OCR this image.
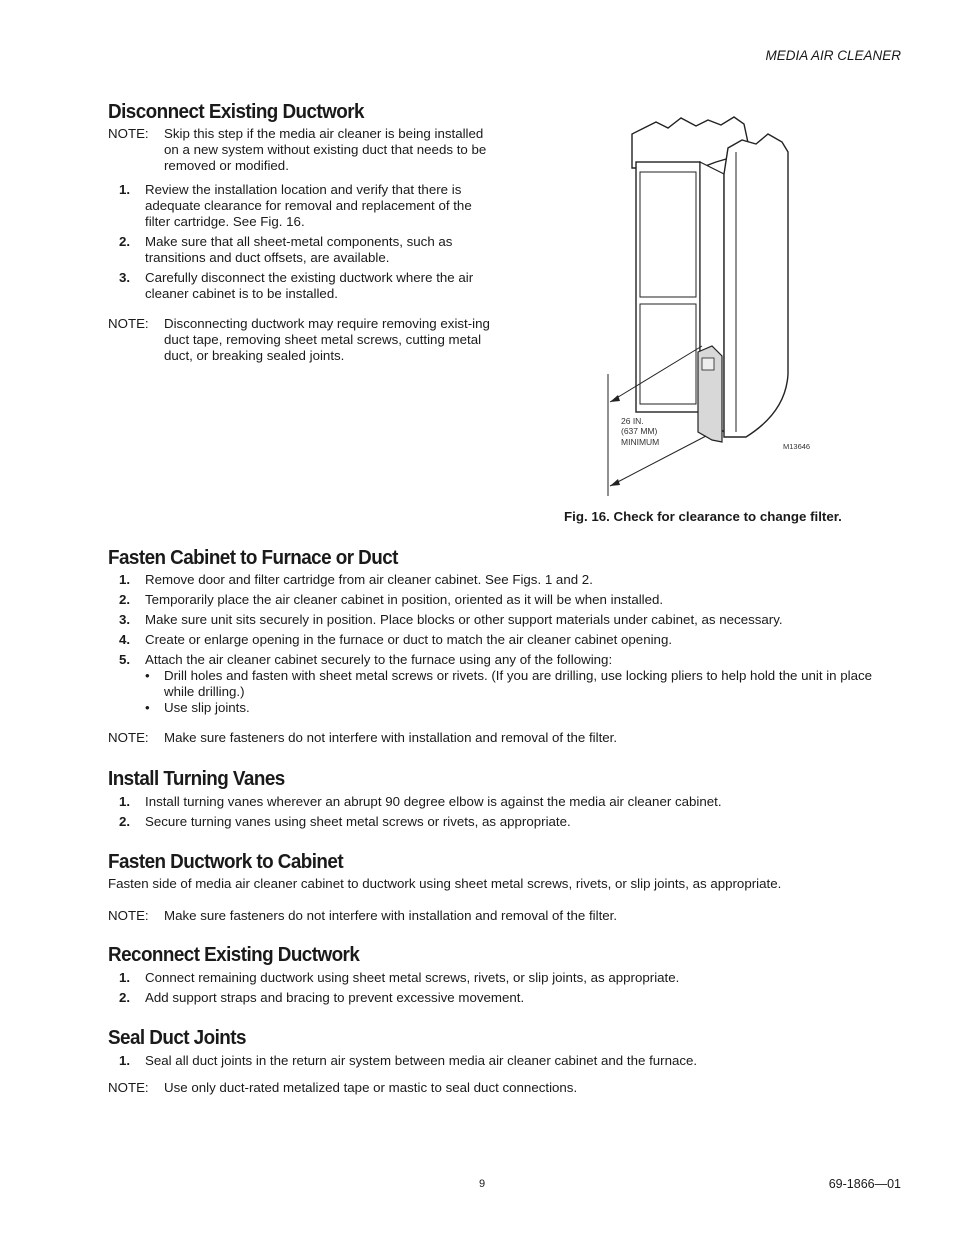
MEDIA AIR CLEANER
Disconnect Existing Ductwork
NOTE:	Skip this step if the media air cleaner is being installed on a new system without existing duct that needs to be removed or modified.
1.	Review the installation location and verify that there is adequate clearance for removal and replacement of the filter cartridge. See Fig. 16.
2.	Make sure that all sheet-metal components, such as transitions and duct offsets, are available.
3.	Carefully disconnect the existing ductwork where the air cleaner cabinet is to be installed.
NOTE:	Disconnecting ductwork may require removing exist-ing duct tape, removing sheet metal screws, cutting metal duct, or breaking sealed joints.
26 IN.
(637 MM)
MINIMUM	M13646
Fig. 16. Check for clearance to change filter.
Fasten Cabinet to Furnace or Duct
1.	Remove door and filter cartridge from air cleaner cabinet. See Figs. 1 and 2.
2.	Temporarily place the air cleaner cabinet in position, oriented as it will be when installed.
3.	Make sure unit sits securely in position. Place blocks or other support materials under cabinet, as necessary.
4.	Create or enlarge opening in the furnace or duct to match the air cleaner cabinet opening.
5.	Attach the air cleaner cabinet securely to the furnace using any of the following:
•	Drill holes and fasten with sheet metal screws or rivets. (If you are drilling, use locking pliers to help hold the unit in place while drilling.)
•	Use slip joints.
NOTE:	Make sure fasteners do not interfere with installation and removal of the filter.
Install Turning Vanes
1.	Install turning vanes wherever an abrupt 90 degree elbow is against the media air cleaner cabinet.
2.	Secure turning vanes using sheet metal screws or rivets, as appropriate.
Fasten Ductwork to Cabinet
Fasten side of media air cleaner cabinet to ductwork using sheet metal screws, rivets, or slip joints, as appropriate.
NOTE:	Make sure fasteners do not interfere with installation and removal of the filter.
Reconnect Existing Ductwork
1.	Connect remaining ductwork using sheet metal screws, rivets, or slip joints, as appropriate.
2.	Add support straps and bracing to prevent excessive movement.
Seal Duct Joints
1.	Seal all duct joints in the return air system between media air cleaner cabinet and the furnace.
NOTE:	Use only duct-rated metalized tape or mastic to seal duct connections.
9	69-1866—01
